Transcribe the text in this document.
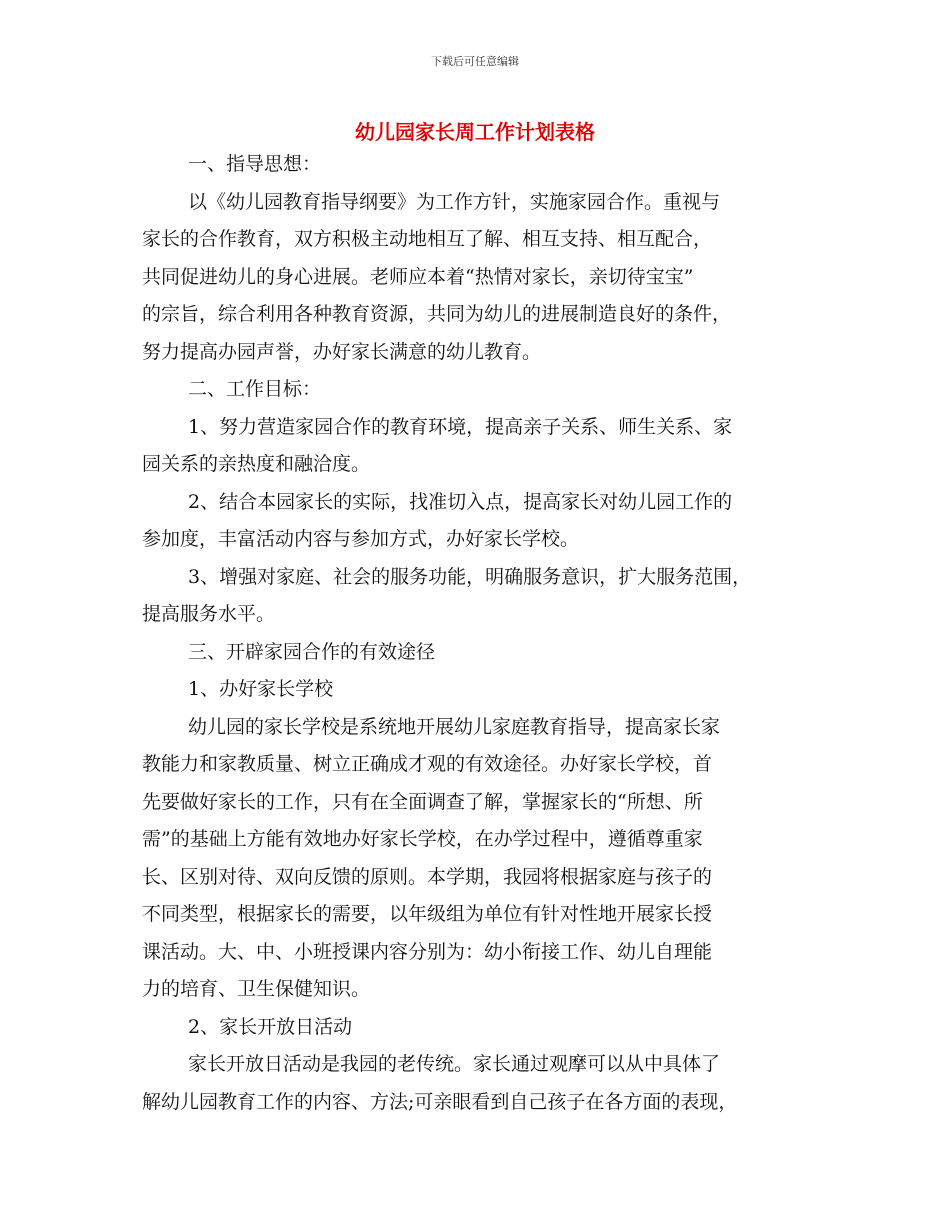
下载后可任意编辑
幼儿园家长周工作计划表格
一、指导思想：
以《幼儿园教育指导纲要》为工作方针，实施家园合作。重视与
家长的合作教育，双方积极主动地相互了解、相互支持、相互配合，
共同促进幼儿的身心进展。老师应本着“热情对家长，亲切待宝宝”
的宗旨，综合利用各种教育资源，共同为幼儿的进展制造良好的条件，
努力提高办园声誉，办好家长满意的幼儿教育。
二、工作目标：
1、努力营造家园合作的教育环境，提高亲子关系、师生关系、家
园关系的亲热度和融洽度。
2、结合本园家长的实际，找准切入点，提高家长对幼儿园工作的
参加度，丰富活动内容与参加方式，办好家长学校。
3、增强对家庭、社会的服务功能，明确服务意识，扩大服务范围，
提高服务水平。
三、开辟家园合作的有效途径
1、办好家长学校
幼儿园的家长学校是系统地开展幼儿家庭教育指导，提高家长家
教能力和家教质量、树立正确成才观的有效途径。办好家长学校，首
先要做好家长的工作，只有在全面调查了解，掌握家长的“所想、所
需”的基础上方能有效地办好家长学校，在办学过程中，遵循尊重家
长、区别对待、双向反馈的原则。本学期，我园将根据家庭与孩子的
不同类型，根据家长的需要，以年级组为单位有针对性地开展家长授
课活动。大、中、小班授课内容分别为：幼小衔接工作、幼儿自理能
力的培育、卫生保健知识。
2、家长开放日活动
家长开放日活动是我园的老传统。家长通过观摩可以从中具体了
解幼儿园教育工作的内容、方法;可亲眼看到自己孩子在各方面的表现，
